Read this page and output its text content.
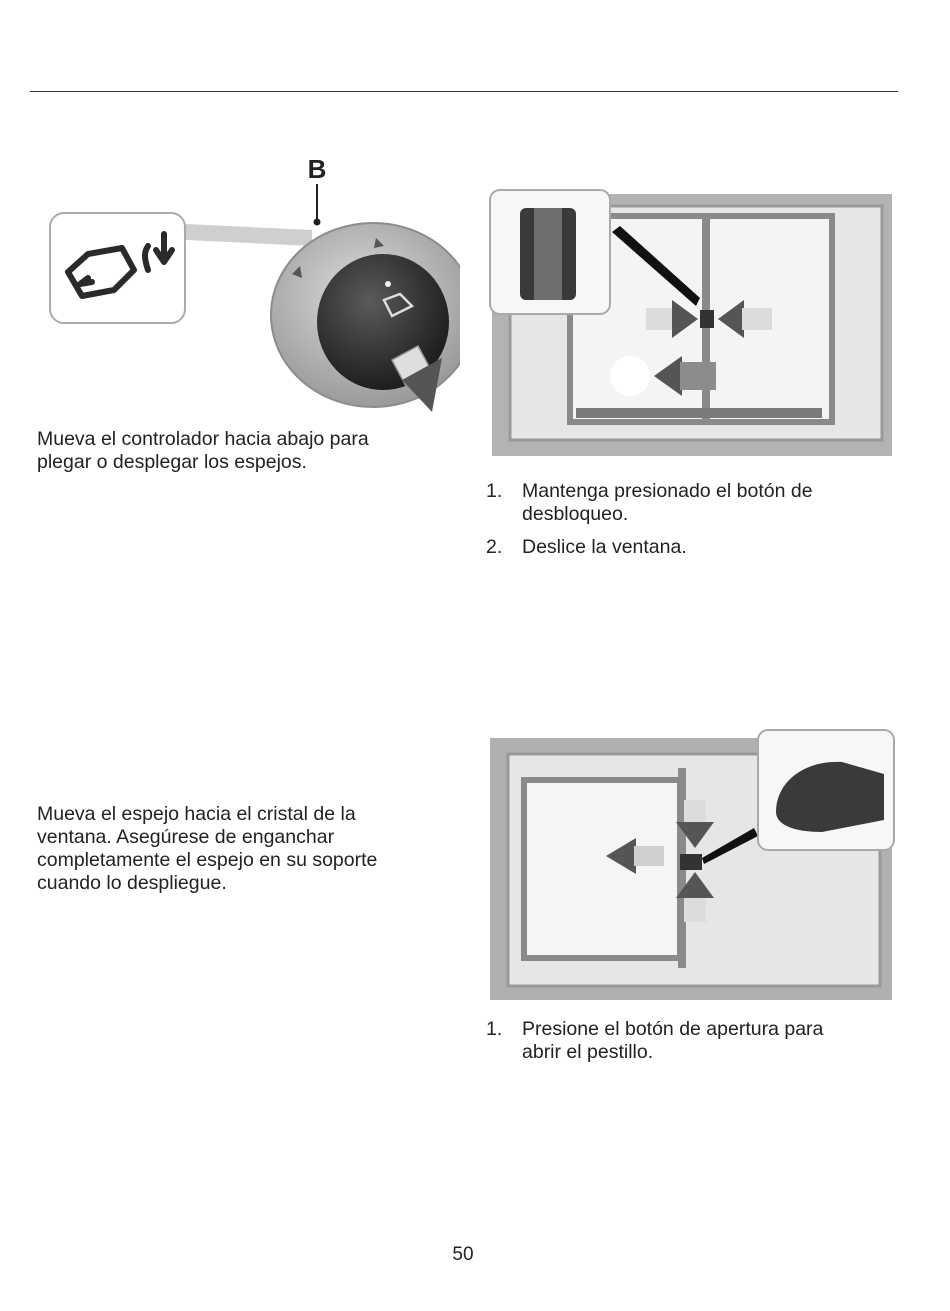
B

Mueva el controlador hacia abajo para
plegar o desplegar los espejos.

1. Mantenga presionado el botón de
desbloqueo.
2. Deslice la ventana.

Mueva el espejo hacia el cristal de la
ventana. Asegúrese de enganchar
completamente el espejo en su soporte
cuando lo despliegue.

1. Presione el botón de apertura para
abrir el pestillo.
50
